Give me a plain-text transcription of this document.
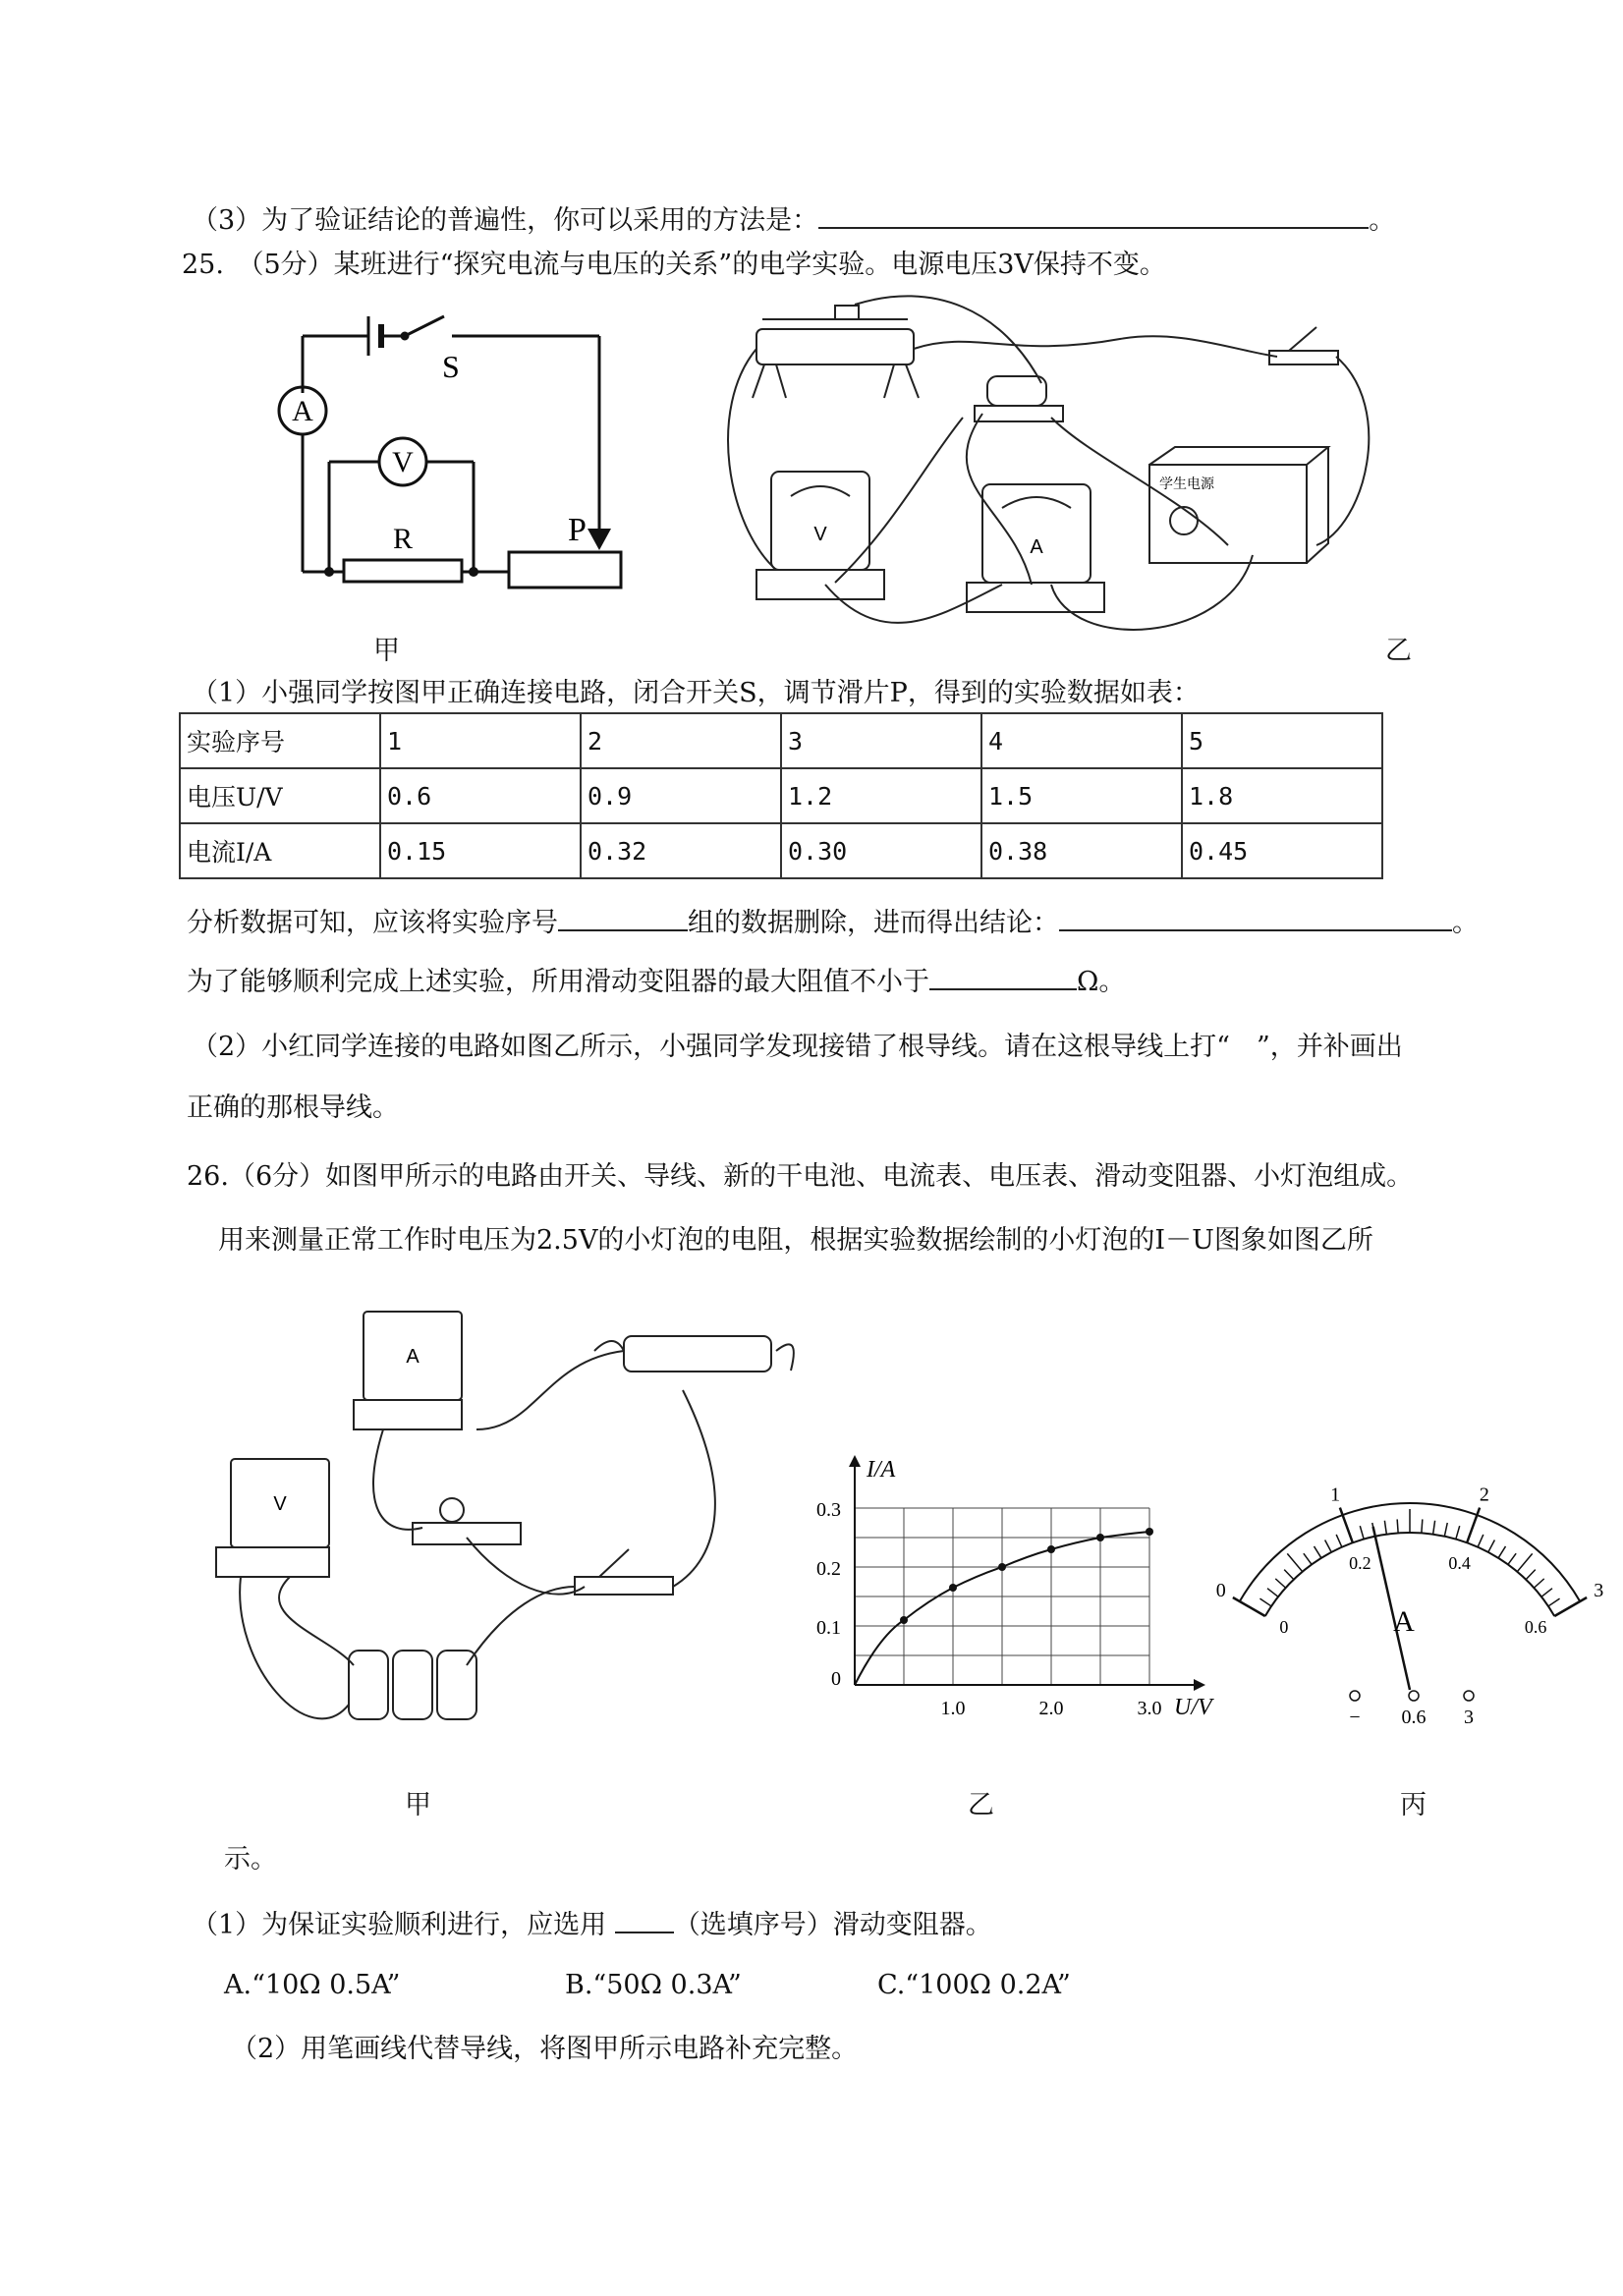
（3）为了验证结论的普遍性，你可以采用的方法是：	。
25.　（5分）某班进行“探究电流与电压的关系”的电学实验。电源电压3V保持不变。
A
V
R
S
P
甲
V
A
学生电源
乙
（1）小强同学按图甲正确连接电路，闭合开关S，调节滑片P，得到的实验数据如表：
实验序号	1	2	3	4	5
电压U/V	0.6	0.9	1.2	1.5	1.8
电流I/A	0.15	0.32	0.30	0.38	0.45
分析数据可知，应该将实验序号	组的数据删除，进而得出结论：	。
为了能够顺利完成上述实验，所用滑动变阻器的最大阻值不小于	Ω。
（2）小红同学连接的电路如图乙所示，小强同学发现接错了根导线。请在这根导线上打“　”，并补画出
正确的那根导线。
26.（6分）如图甲所示的电路由开关、导线、新的干电池、电流表、电压表、滑动变阻器、小灯泡组成。
用来测量正常工作时电压为2.5V的小灯泡的电阻，根据实验数据绘制的小灯泡的I－U图象如图乙所
A
V
甲
I/A
U/V
0
0.1
0.2
0.3
1.0	2.0	3.0
乙
0
1	2
3
0
0.2	0.4
0.6
A
− 0.6 3
丙
示。
（1）为保证实验顺利进行，应选用	（选填序号）滑动变阻器。
A.“10Ω 0.5A”	B.“50Ω 0.3A”	C.“100Ω 0.2A”
（2）用笔画线代替导线，将图甲所示电路补充完整。
